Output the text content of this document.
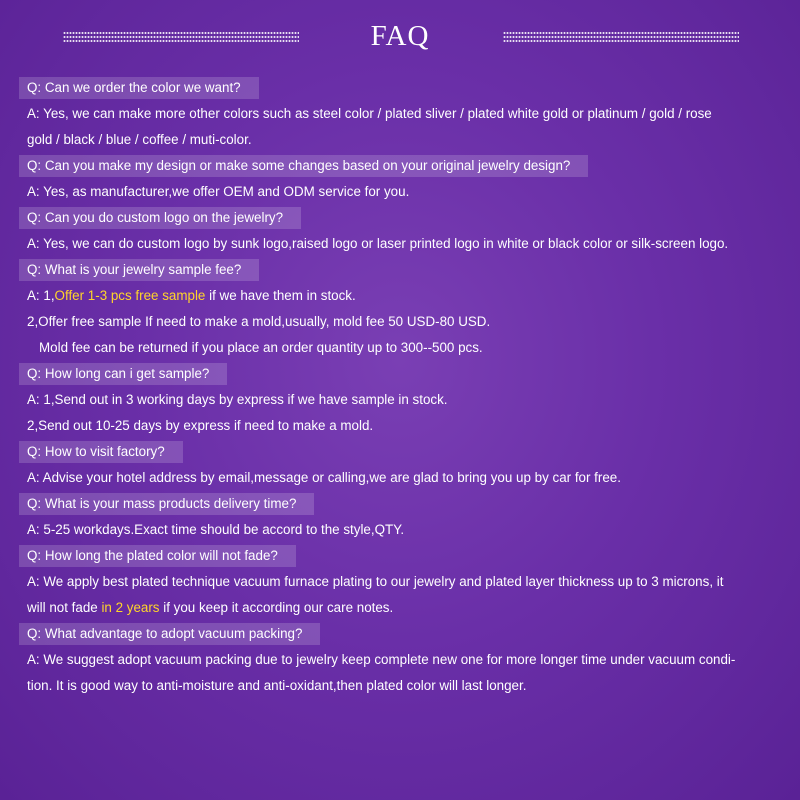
FAQ
Q: Can we order the color we want?
A: Yes, we can make more other colors such as steel color / plated sliver / plated white gold or platinum / gold / rose
gold / black / blue / coffee / muti-color.
Q: Can you make my design or make some changes based on your original jewelry design?
A: Yes, as manufacturer,we offer OEM and ODM service for you.
Q: Can you do custom logo on the jewelry?
A: Yes, we can do custom logo by sunk logo,raised logo or laser printed logo in white or black color or silk-screen logo.
Q: What is your jewelry sample fee?
A: 1,Offer 1-3 pcs free sample if we have them in stock.
2,Offer free sample If need to make a mold,usually, mold fee 50 USD-80 USD.
Mold fee can be returned if you place an order quantity up to 300--500 pcs.
Q: How long can i get sample?
A: 1,Send out in 3 working days by express if we have sample in stock.
2,Send out 10-25 days by express if need to make a mold.
Q: How to visit factory?
A: Advise your hotel address by email,message or calling,we are glad to bring you up by car for free.
Q: What is your mass products delivery time?
A: 5-25 workdays.Exact time should be accord to the style,QTY.
Q: How long the plated color will not fade?
A: We apply best plated technique vacuum furnace plating to our jewelry and plated layer thickness up to 3 microns, it
will not fade in 2 years if you keep it according our care notes.
Q: What advantage to adopt vacuum packing?
A: We suggest adopt vacuum packing due to jewelry keep complete new one for more longer time under vacuum condi-
tion. It is good way to anti-moisture and anti-oxidant,then plated color will last longer.
